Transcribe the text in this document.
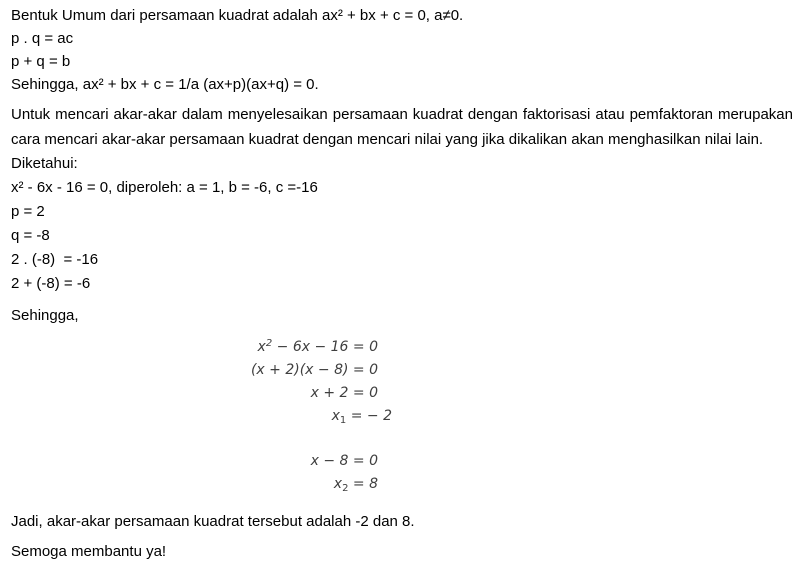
Bentuk Umum dari persamaan kuadrat adalah ax² + bx + c = 0, a≠0.
p . q = ac
p + q = b
Sehingga, ax² + bx + c = 1/a (ax+p)(ax+q) = 0.
Untuk mencari akar-akar dalam menyelesaikan persamaan kuadrat dengan faktorisasi atau pemfaktoran merupakan cara mencari akar-akar persamaan kuadrat dengan mencari nilai yang jika dikalikan akan menghasilkan nilai lain.
Diketahui:
x² - 6x - 16 = 0, diperoleh: a = 1, b = -6, c =-16
p = 2
q = -8
2 . (-8)  = -16
2 + (-8) = -6
Sehingga,
$x^2 - 6x - 16 = 0$
(x + 2)(x − 8) = 0
x + 2 = 0
$x_1$ = − 2
x − 8 = 0
$x_2 = 8$
Jadi, akar-akar persamaan kuadrat tersebut adalah -2 dan 8.
Semoga membantu ya!
